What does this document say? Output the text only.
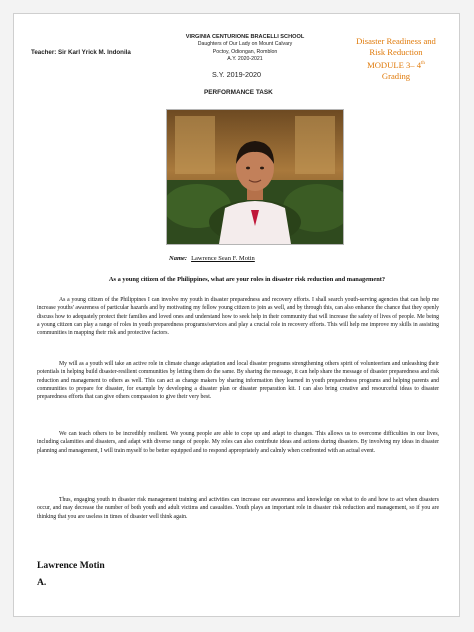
Teacher: Sir Karl Yrick M. Indonila
VIRGINIA CENTURIONE BRACELLI SCHOOL
Daughters of Our Lady on Mount Calvary
Poctoy, Odiongan, Romblon
A.Y. 2020-2021
S.Y. 2019-2020
Disaster Readiness and
Risk Reduction
MODULE 3– 4th
Grading
PERFORMANCE TASK
Name: Lawrence Sean F. Motin
As a young citizen of the Philippines, what are your roles in disaster risk reduction and management?
As a young citizen of the Philippines I can involve my youth in disaster preparedness and recovery efforts. I shall search youth-serving agencies that can help me increase youths' awareness of particular hazards and by motivating my fellow young citizen to join as well, and by through this, can also enhance the chance that they openly discuss how to adequately protect their families and loved ones and understand how to seek help in their community that will increase the safety of lives of people. Me being a young citizen can play a range of roles in youth preparedness programs/services and play a crucial role in recovery efforts. This will help me improve my skills in assisting communities in mapping their risk and protective factors.
My will as a youth will take an active role in climate change adaptation and local disaster programs strengthening others spirit of volunteerism and unleashing their potentials in helping build disaster-resilient communities by letting them do the same. By sharing the message, it can help share the message of disaster preparedness and risk reduction and management to others as well. This can act as change makers by sharing information they learned in youth preparedness programs and helping parents and communities to prepare for disaster, for example by developing a disaster plan or disaster preparation kit. I can also bring creative and resourceful ideas to disaster preparedness efforts that can give others compassion to give their very best.
We can teach others to be incredibly resilient. We young people are able to cope up and adapt to changes. This allows us to overcome difficulties in our lives, including calamities and disasters, and adapt with diverse range of people. My roles can also contribute ideas and actions during disasters. By involving my ideas in disaster planning and management, I will train myself to be better equipped and to respond appropriately and calmly when confronted with an actual event.
Thus, engaging youth in disaster risk management training and activities can increase our awareness and knowledge on what to do and how to act when disasters occur, and may decrease the number of both youth and adult victims and casualties. Youth plays an important role in disaster risk reduction and management, so if you are thinking that you are useless in times of disaster well think again.
Lawrence Motin
A.
